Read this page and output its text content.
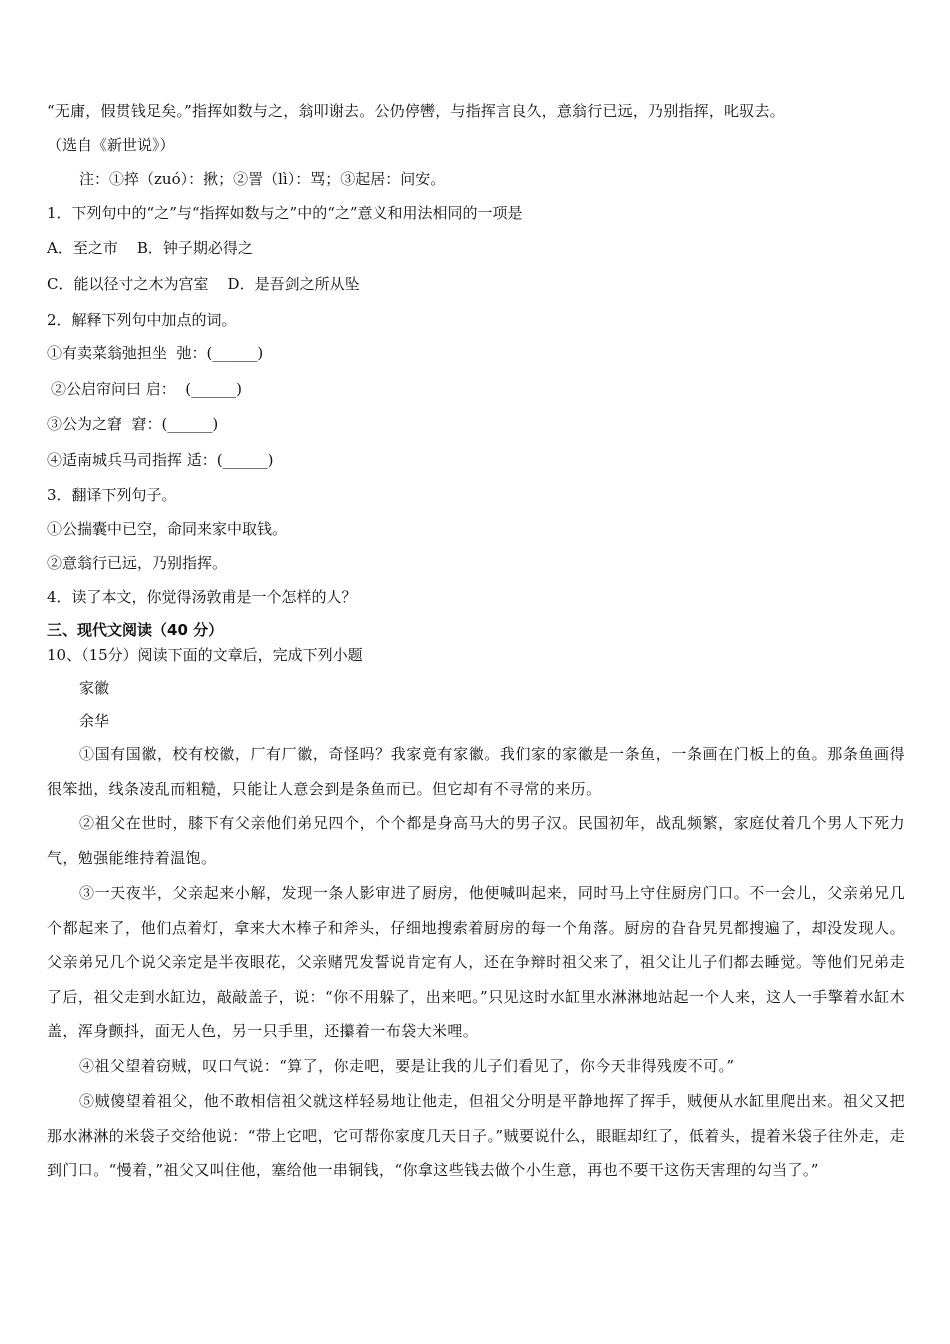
“无庸，假贯钱足矣。”指挥如数与之，翁叩谢去。公仍停轡，与指挥言良久，意翁行已远，乃别指挥，叱驭去。
（选自《新世说》）
注：①捽（zuó）：揪；②詈（lì）：骂；③起居：问安。
1．下列句中的“之”与“指挥如数与之”中的“之”意义和用法相同的一项是
A．至之市    B．钟子期必得之
C．能以径寸之木为宫室    D．是吾剑之所从坠
2．解释下列句中加点的词。
①有卖菜翁弛担坐  弛：(______)
②公启帘问曰 启：  (______)
③公为之窘  窘：(______)
④适南城兵马司指挥 适：(______)
3．翻译下列句子。
①公揣囊中已空，命同来家中取钱。
②意翁行已远，乃别指挥。
4．读了本文，你觉得汤敦甫是一个怎样的人？
三、现代文阅读（40 分）
10、（15分）阅读下面的文章后，完成下列小题
家徽
余华
①国有国徽，校有校徽，厂有厂徽，奇怪吗？我家竟有家徽。我们家的家徽是一条鱼，一条画在门板上的鱼。那条鱼画得很笨拙，线条凌乱而粗糙，只能让人意会到是条鱼而已。但它却有不寻常的来历。
②祖父在世时，膝下有父亲他们弟兄四个，个个都是身高马大的男子汉。民国初年，战乱频繁，家庭仗着几个男人下死力气，勉强能维持着温饱。
③一天夜半，父亲起来小解，发现一条人影审进了厨房，他便喊叫起来，同时马上守住厨房门口。不一会儿，父亲弟兄几个都起来了，他们点着灯，拿来大木棒子和斧头，仔细地搜索着厨房的每一个角落。厨房的旮旮旯旯都搜遍了，却没发现人。父亲弟兄几个说父亲定是半夜眼花，父亲赌咒发誓说肯定有人，还在争辩时祖父来了，祖父让儿子们都去睡觉。等他们兄弟走了后，祖父走到水缸边，敲敲盖子，说：“你不用躲了，出来吧。”只见这时水缸里水淋淋地站起一个人来，这人一手擎着水缸木盖，浑身颤抖，面无人色，另一只手里，还攥着一布袋大米哩。
④祖父望着窃贼，叹口气说：“算了，你走吧，要是让我的儿子们看见了，你今天非得残废不可。”
⑤贼傻望着祖父，他不敢相信祖父就这样轻易地让他走，但祖父分明是平静地挥了挥手，贼便从水缸里爬出来。祖父又把那水淋淋的米袋子交给他说：“带上它吧，它可帮你家度几天日子。”贼要说什么，眼眶却红了，低着头，提着米袋子往外走，走到门口。“慢着，”祖父又叫住他，塞给他一串铜钱，“你拿这些钱去做个小生意，再也不要干这伤天害理的勾当了。”
